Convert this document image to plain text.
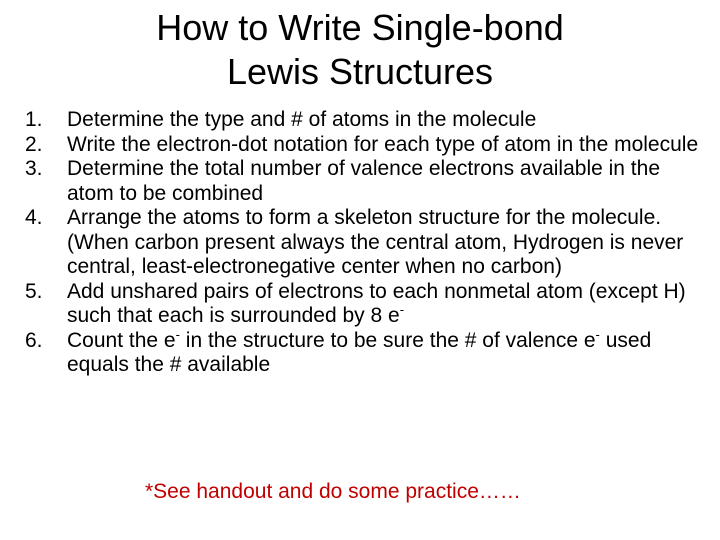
How to Write Single-bond
Lewis Structures
1. Determine the type and # of atoms in the molecule
2. Write the electron-dot notation for each type of atom in the molecule
3. Determine the total number of valence electrons available in the atom to be combined
4. Arrange the atoms to form a skeleton structure for the molecule. (When carbon present always the central atom, Hydrogen is never central, least-electronegative center when no carbon)
5. Add unshared pairs of electrons to each nonmetal atom (except H) such that each is surrounded by 8 e-
6. Count the e- in the structure to be sure the # of valence e- used equals the # available
*See handout and do some practice……
